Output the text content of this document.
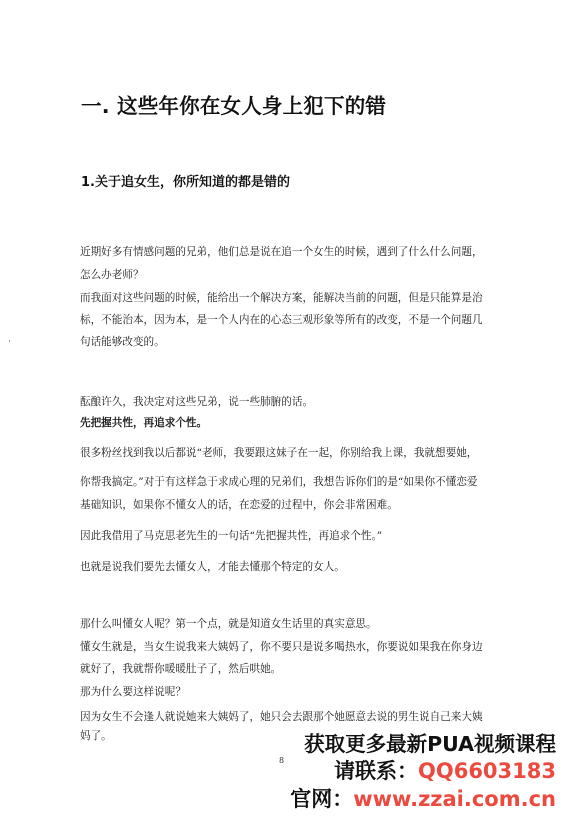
一. 这些年你在女人身上犯下的错
1.关于追女生，你所知道的都是错的
近期好多有情感问题的兄弟，他们总是说在追一个女生的时候，遇到了什么什么问题，
怎么办老师？
而我面对这些问题的时候，能给出一个解决方案，能解决当前的问题，但是只能算是治
标，不能治本，因为本，是一个人内在的心态三观形象等所有的改变，不是一个问题几
句话能够改变的。
酝酿许久，我决定对这些兄弟，说一些肺腑的话。
先把握共性，再追求个性。
很多粉丝找到我以后都说“老师，我要跟这妹子在一起，你别给我上课，我就想要她，
你帮我搞定。”对于有这样急于求成心理的兄弟们，我想告诉你们的是“如果你不懂恋爱
基础知识，如果你不懂女人的话，在恋爱的过程中，你会非常困难。
因此我借用了马克思老先生的一句话“先把握共性，再追求个性。”
也就是说我们要先去懂女人，才能去懂那个特定的女人。
那什么叫懂女人呢？第一个点，就是知道女生话里的真实意思。
懂女生就是，当女生说我来大姨妈了，你不要只是说多喝热水，你要说如果我在你身边
就好了，我就帮你暖暖肚子了，然后哄她。
那为什么要这样说呢？
因为女生不会逢人就说她来大姨妈了，她只会去跟那个她愿意去说的男生说自己来大姨
妈了。
8
获取更多最新PUA视频课程
请联系：QQ6603183
官网：www.zzai.com.cn
